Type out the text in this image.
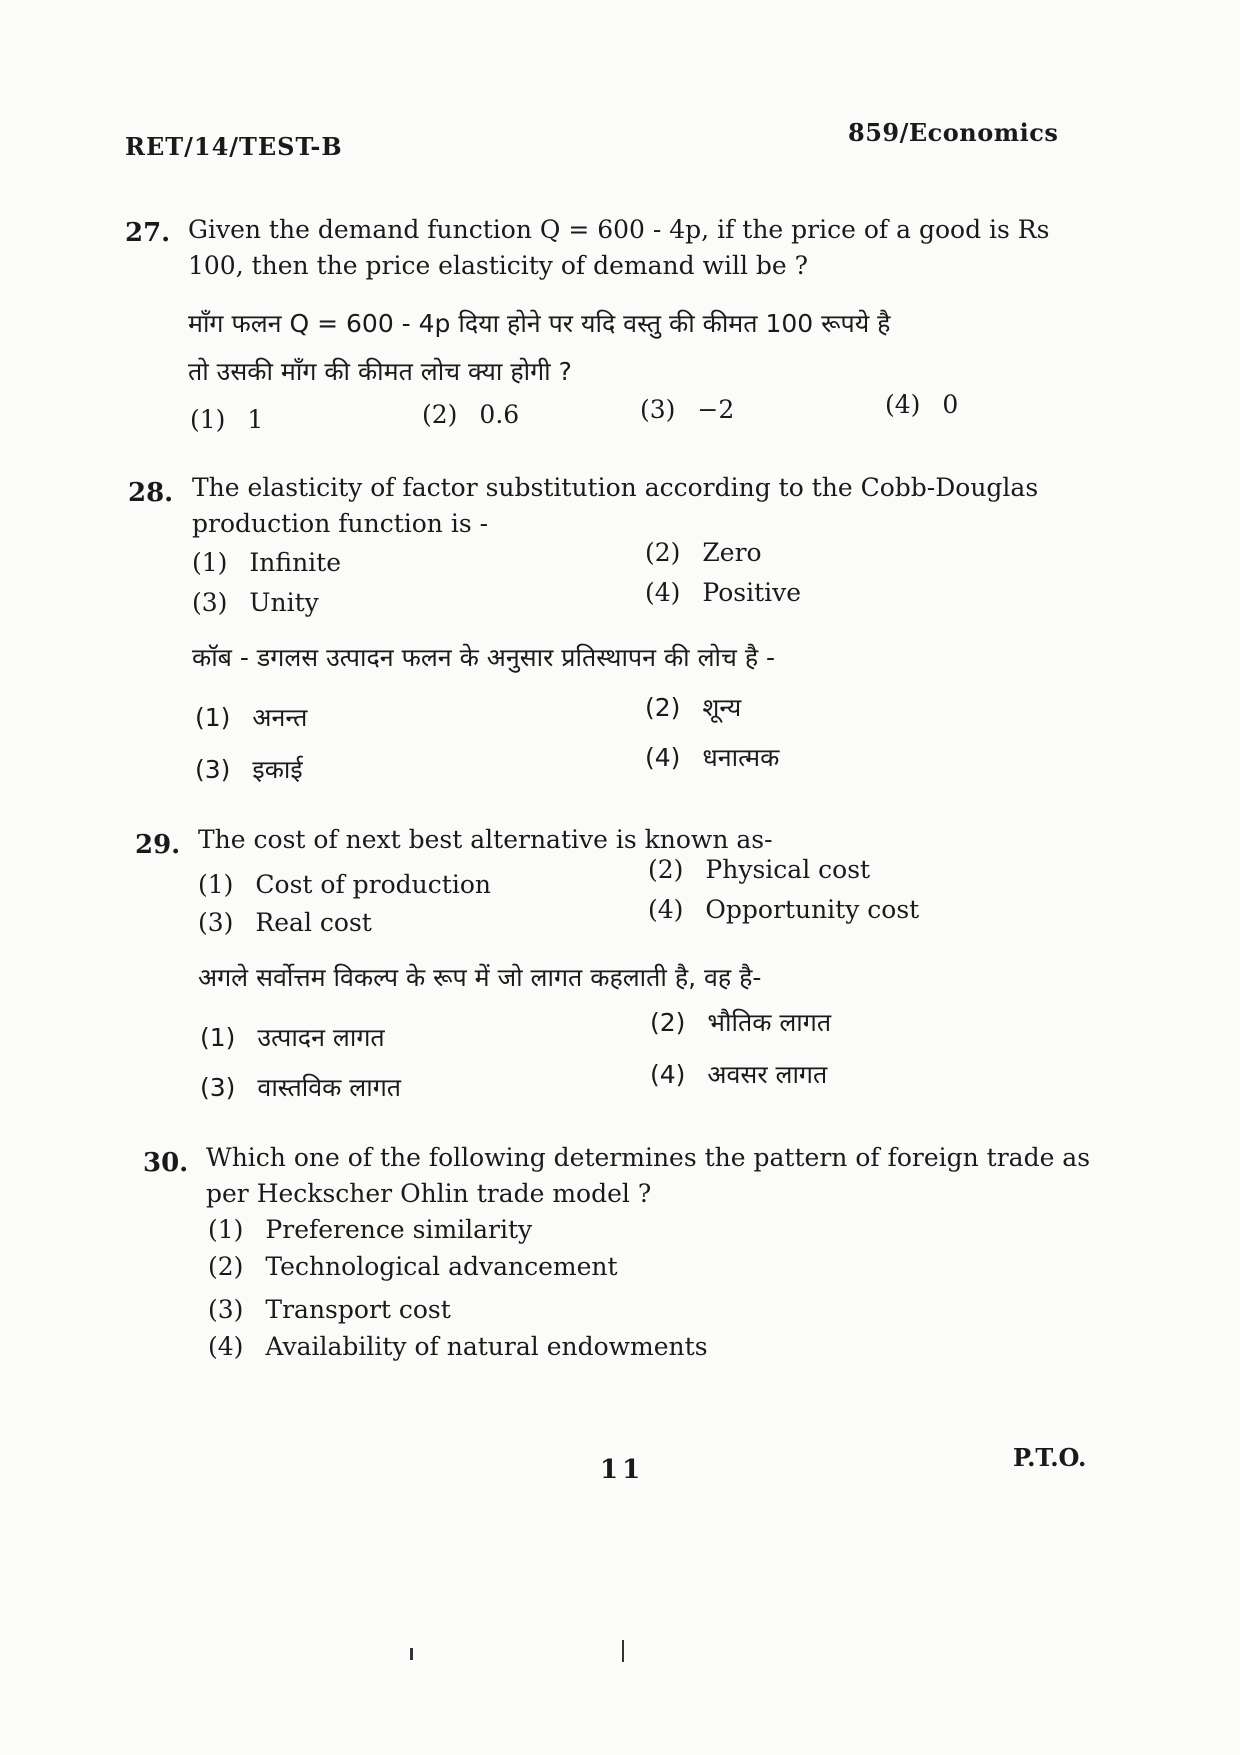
RET/14/TEST-B	859/Economics
27. Given the demand function Q = 600 - 4p, if the price of a good is Rs
100, then the price elasticity of demand will be ?
माँग फलन Q = 600 - 4p दिया होने पर यदि वस्तु की कीमत 100 रूपये है
तो उसकी माँग की कीमत लोच क्या होगी ?
(1) 1	(2) 0.6	(3) −2	(4) 0
28. The elasticity of factor substitution according to the Cobb-Douglas
production function is -
(1) Infinite	(2) Zero
(3) Unity	(4) Positive
कॉब - डगलस उत्पादन फलन के अनुसार प्रतिस्थापन की लोच है -
(1) अनन्त	(2) शून्य
(3) इकाई	(4) धनात्मक
29. The cost of next best alternative is known as-
(1) Cost of production
(2) Physical cost
(3) Real cost	(4) Opportunity cost
अगले सर्वोत्तम विकल्प के रूप में जो लागत कहलाती है, वह है-
(1) उत्पादन लागत
(2) भौतिक लागत
(3) वास्तविक लागत	(4) अवसर लागत
30. Which one of the following determines the pattern of foreign trade as
per Heckscher Ohlin trade model ?
(1) Preference similarity
(2) Technological advancement
(3) Transport cost
(4) Availability of natural endowments
11	P.T.O.
